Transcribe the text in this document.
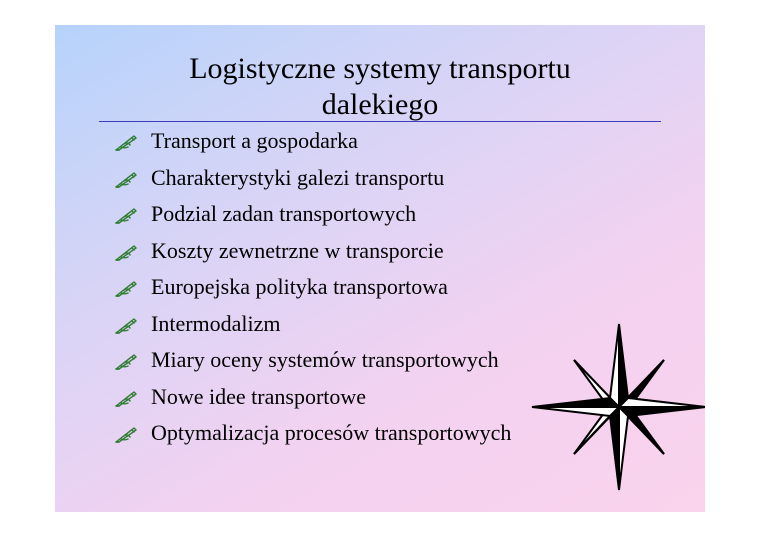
Logistyczne systemy transportu
dalekiego
Transport a gospodarka
Charakterystyki galezi transportu
Podzial zadan transportowych
Koszty zewnetrzne w transporcie
Europejska polityka transportowa
Intermodalizm
Miary oceny systemów transportowych
Nowe idee transportowe
Optymalizacja procesów transportowych
